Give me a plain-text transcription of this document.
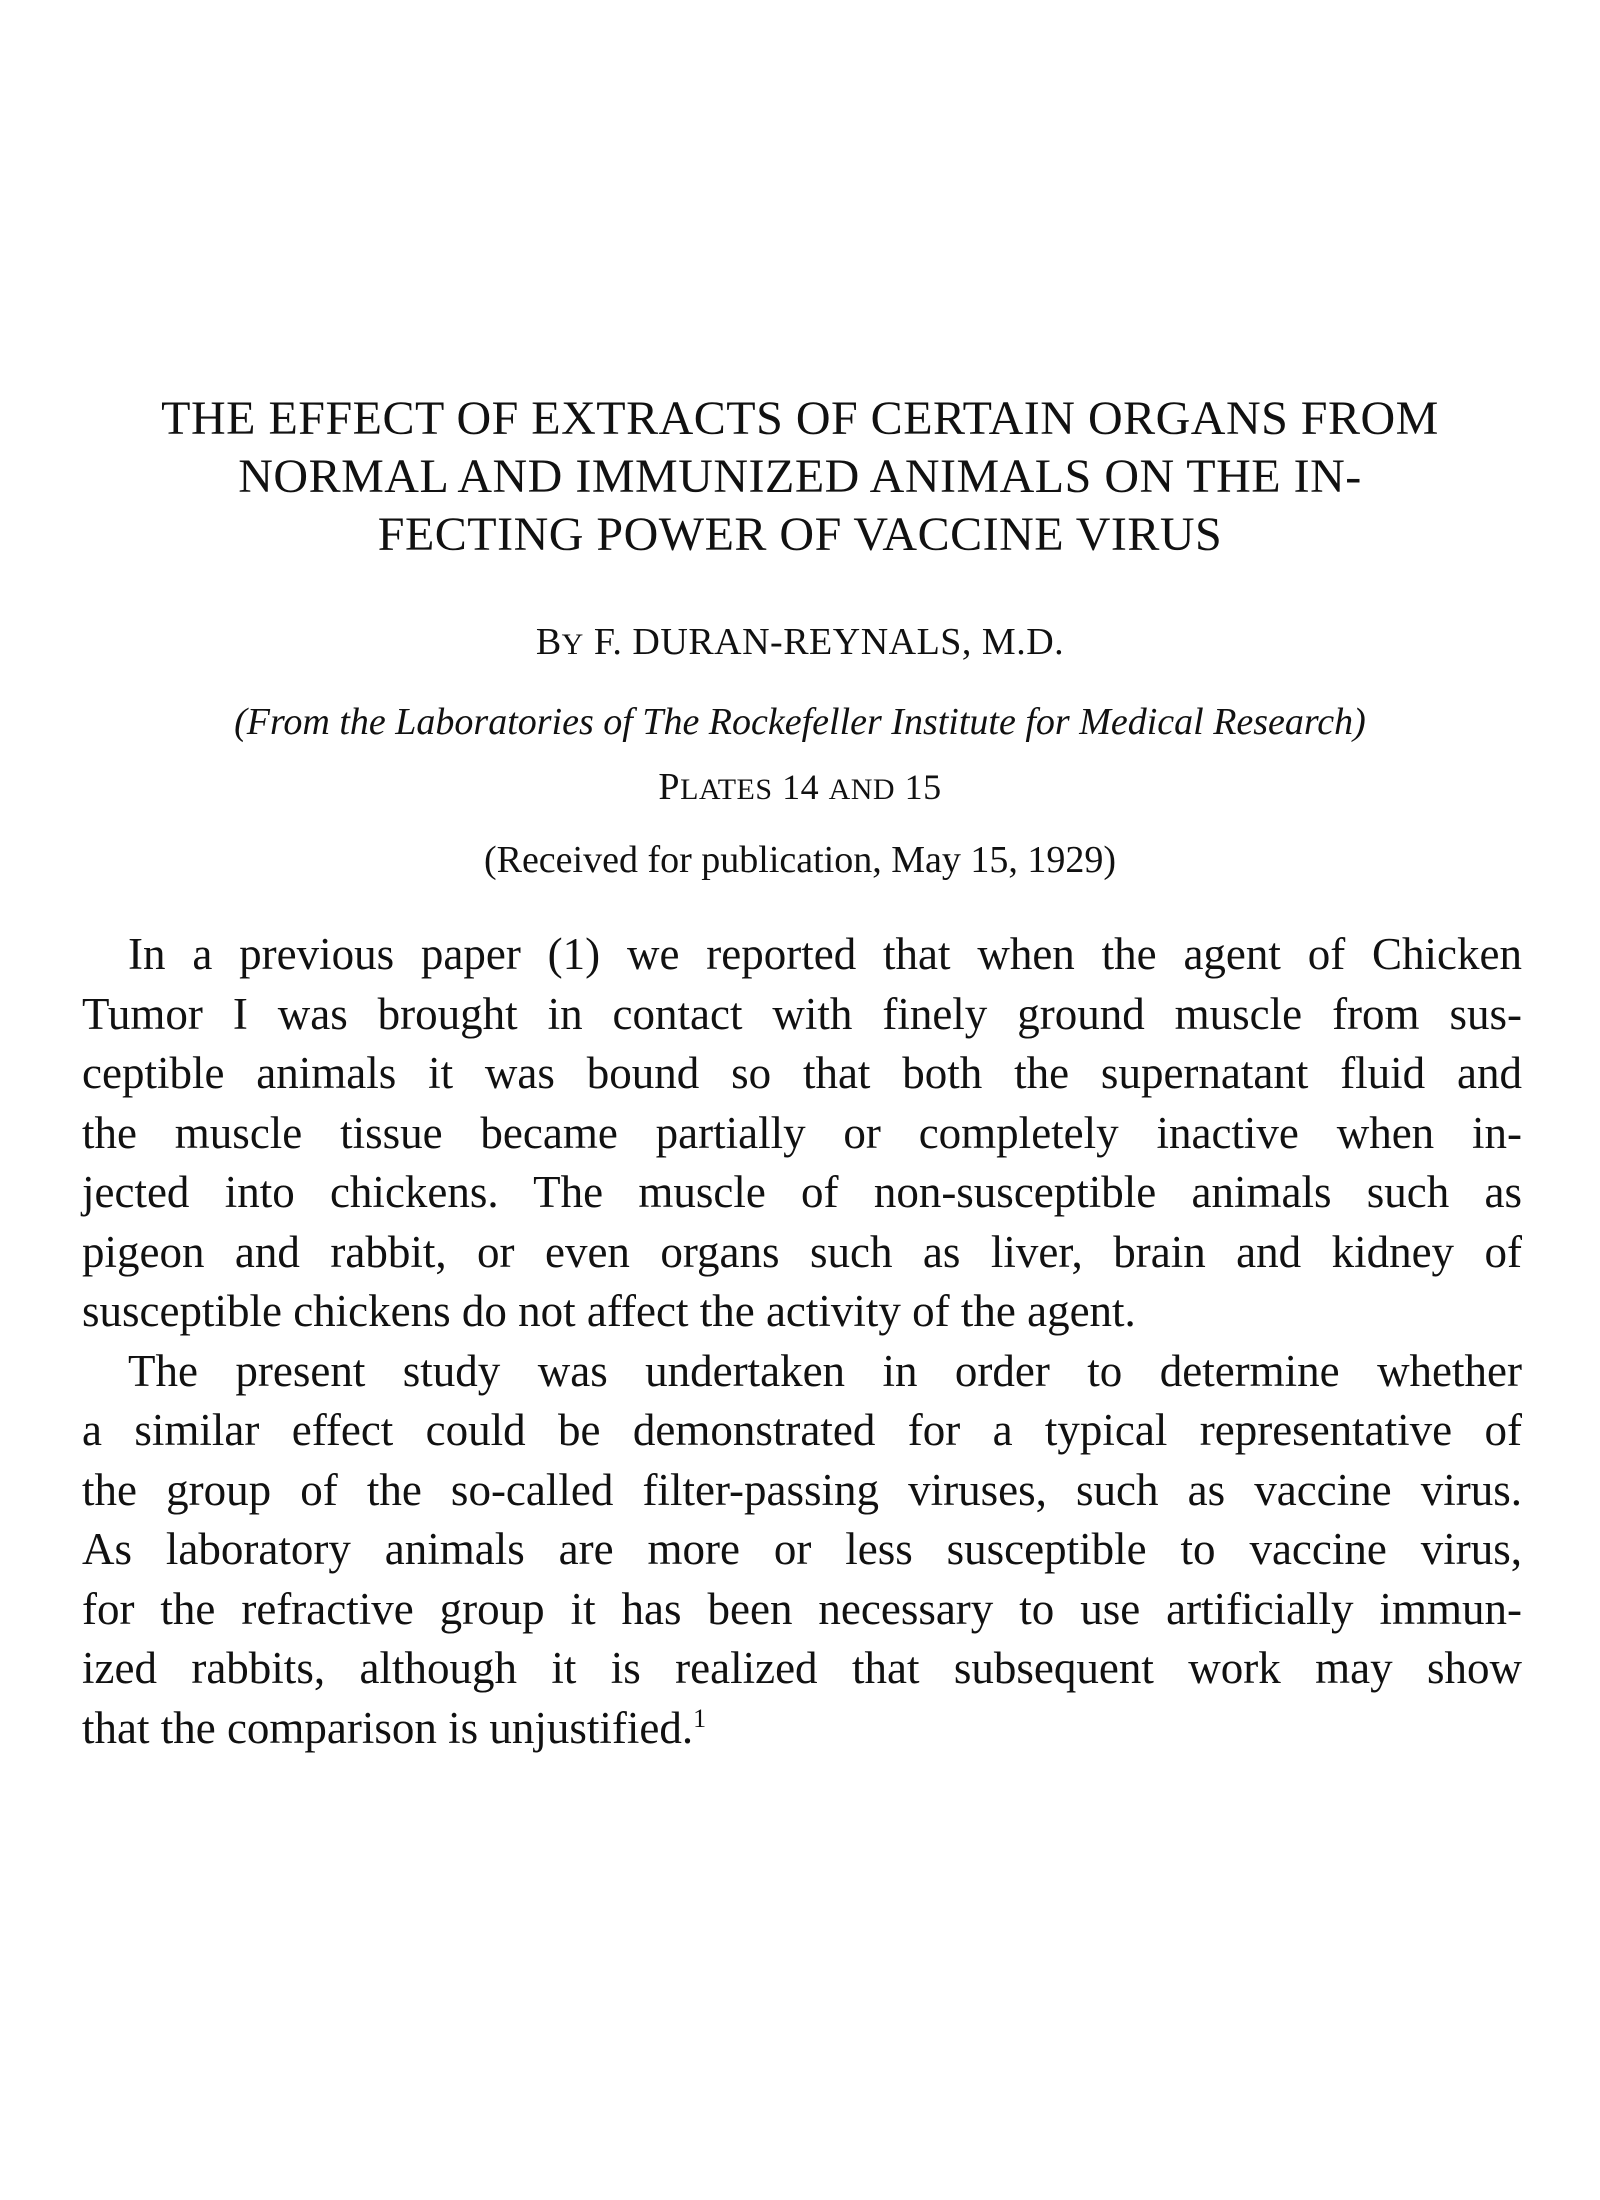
THE EFFECT OF EXTRACTS OF CERTAIN ORGANS FROM
NORMAL AND IMMUNIZED ANIMALS ON THE IN-
FECTING POWER OF VACCINE VIRUS
BY F. DURAN-REYNALS, M.D.
(From the Laboratories of The Rockefeller Institute for Medical Research)
PLATES 14 AND 15
(Received for publication, May 15, 1929)
In a previous paper (1) we reported that when the agent of Chicken
Tumor I was brought in contact with finely ground muscle from sus-
ceptible animals it was bound so that both the supernatant fluid and
the muscle tissue became partially or completely inactive when in-
jected into chickens. The muscle of non-susceptible animals such as
pigeon and rabbit, or even organs such as liver, brain and kidney of
susceptible chickens do not affect the activity of the agent.
The present study was undertaken in order to determine whether
a similar effect could be demonstrated for a typical representative of
the group of the so-called filter-passing viruses, such as vaccine virus.
As laboratory animals are more or less susceptible to vaccine virus,
for the refractive group it has been necessary to use artificially immun-
ized rabbits, although it is realized that subsequent work may show
that the comparison is unjustified.$^1$
